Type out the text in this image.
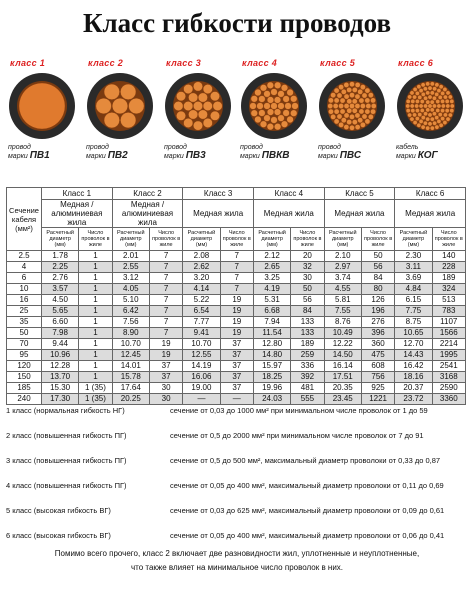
Класс гибкости проводов
класс 1
провод
марки ПВ1
класс 2
провод
марки ПВ2
класс 3
провод
марки ПВ3
класс 4
провод
марки ПВКВ
класс 5
провод
марки ПВС
класс 6
кабель
марки КОГ
Сечение кабеля (мм²)	Класс 1		Класс 2		Класс 3		Класс 4		Класс 5		Класс 6	
	Медная / алюминиевая жила		Медная / алюминиевая жила		Медная жила		Медная жила		Медная жила		Медная жила	
	Расчетный диаметр (мм)	Число проволок в жиле	Расчетный диаметр (мм)	Число проволок в жиле	Расчетный диаметр (мм)	Число проволок в жиле	Расчетный диаметр (мм)	Число проволок в жиле	Расчетный диаметр (мм)	Число проволок в жиле	Расчетный диаметр (мм)	Число проволок в жиле
2.5	1.78	1	2.01	7	2.08	7	2.12	20	2.10	50	2.30	140
4	2.25	1	2.55	7	2.62	7	2.65	32	2.97	56	3.11	228
6	2.76	1	3.12	7	3.20	7	3.25	30	3.74	84	3.69	189
10	3.57	1	4.05	7	4.14	7	4.19	50	4.55	80	4.84	324
16	4.50	1	5.10	7	5.22	19	5.31	56	5.81	126	6.15	513
25	5.65	1	6.42	7	6.54	19	6.68	84	7.55	196	7.75	783
35	6.60	1	7.56	7	7.77	19	7.94	133	8.76	276	8.75	1107
50	7.98	1	8.90	7	9.41	19	11.54	133	10.49	396	10.65	1566
70	9.44	1	10.70	19	10.70	37	12.80	189	12.22	360	12.70	2214
95	10.96	1	12.45	19	12.55	37	14.80	259	14.50	475	14.43	1995
120	12.28	1	14.01	37	14.19	37	15.97	336	16.14	608	16.42	2541
150	13.70	1	15.78	37	16.06	37	18.25	392	17.51	756	18.16	3168
185	15.30	1 (35)	17.64	30	19.00	37	19.96	481	20.35	925	20.37	2590
240	17.30	1 (35)	20.25	30	—	—	24.03	555	23.45	1221	23.72	3360
1 класс (нормальная гибкость НГ)	сечение от 0,03 до 1000 мм² при минимальном числе проволок от 1 до 59
2 класс (повышенная гибкость ПГ)	сечение от 0,5 до 2000 мм² при минимальном числе проволок от 7 до 91
3 класс (повышенная гибкость ПГ)	сечение от 0,5 до 500 мм², максимальный диаметр проволоки от 0,33 до 0,87
4 класс (повышенная гибкость ПГ)	сечение от 0,05 до 400 мм², максимальный диаметр проволоки от 0,11 до 0,69
5 класс (высокая гибкость ВГ)	сечение от 0,03 до 625 мм², максимальный диаметр проволоки от 0,09 до 0,61
6 класс (высокая гибкость ВГ)	сечение от 0,05 до 400 мм², максимальный диаметр проволоки от 0,06 до 0,41
Помимо всего прочего, класс 2 включает две разновидности жил, уплотненные и неуплотненные,
что также влияет на минимальное число проволок в них.
